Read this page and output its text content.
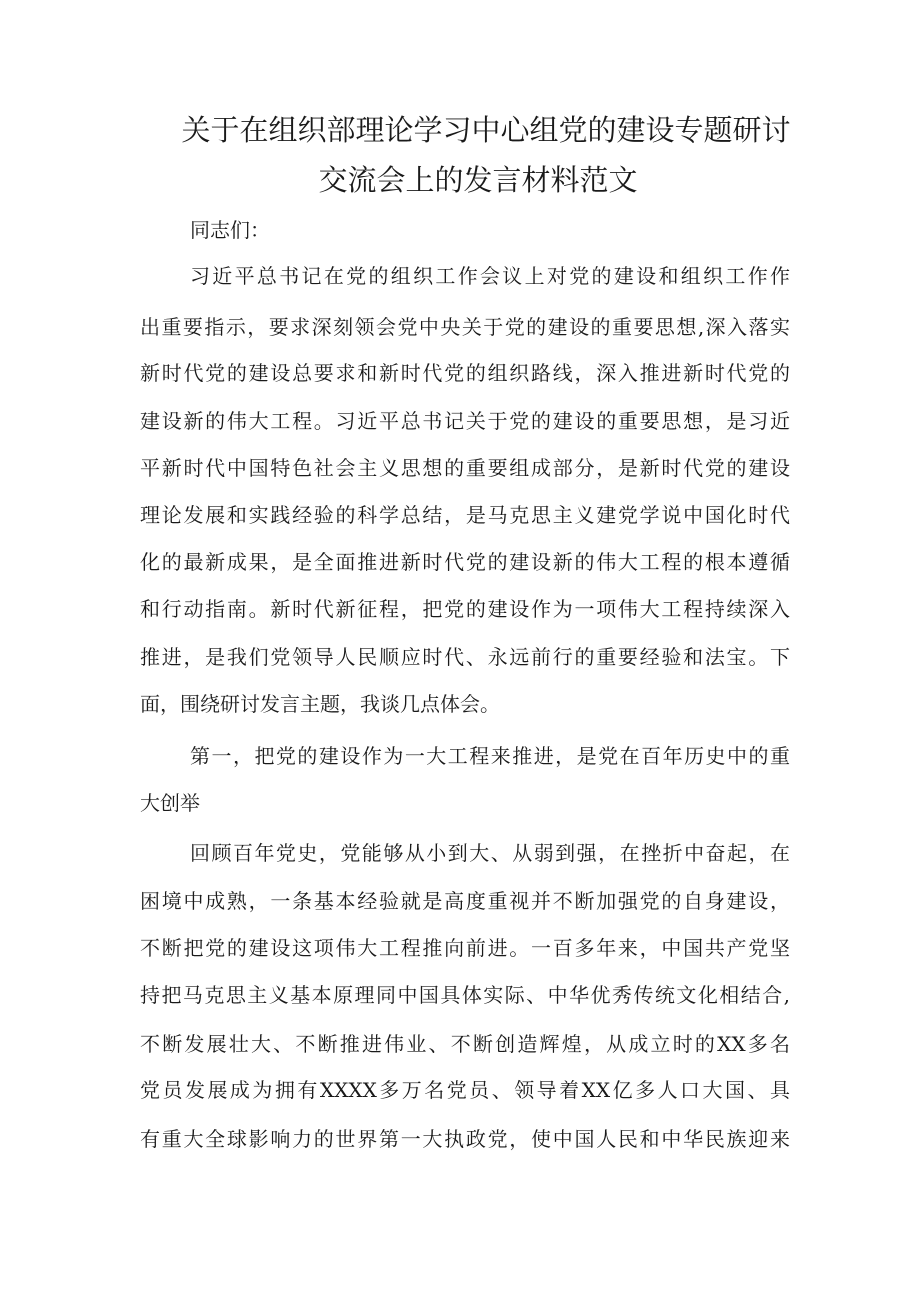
关于在组织部理论学习中心组党的建设专题研讨
交流会上的发言材料范文
同志们：
习近平总书记在党的组织工作会议上对党的建设和组织工作作
出重要指示，要求深刻领会党中央关于党的建设的重要思想,深入落实
新时代党的建设总要求和新时代党的组织路线，深入推进新时代党的
建设新的伟大工程。习近平总书记关于党的建设的重要思想，是习近
平新时代中国特色社会主义思想的重要组成部分，是新时代党的建设
理论发展和实践经验的科学总结，是马克思主义建党学说中国化时代
化的最新成果，是全面推进新时代党的建设新的伟大工程的根本遵循
和行动指南。新时代新征程，把党的建设作为一项伟大工程持续深入
推进，是我们党领导人民顺应时代、永远前行的重要经验和法宝。下
面，围绕研讨发言主题，我谈几点体会。
第一，把党的建设作为一大工程来推进，是党在百年历史中的重
大创举
回顾百年党史，党能够从小到大、从弱到强，在挫折中奋起，在
困境中成熟，一条基本经验就是高度重视并不断加强党的自身建设，
不断把党的建设这项伟大工程推向前进。一百多年来，中国共产党坚
持把马克思主义基本原理同中国具体实际、中华优秀传统文化相结合,
不断发展壮大、不断推进伟业、不断创造辉煌，从成立时的XX多名
党员发展成为拥有XXXX多万名党员、领导着XX亿多人口大国、具
有重大全球影响力的世界第一大执政党，使中国人民和中华民族迎来
